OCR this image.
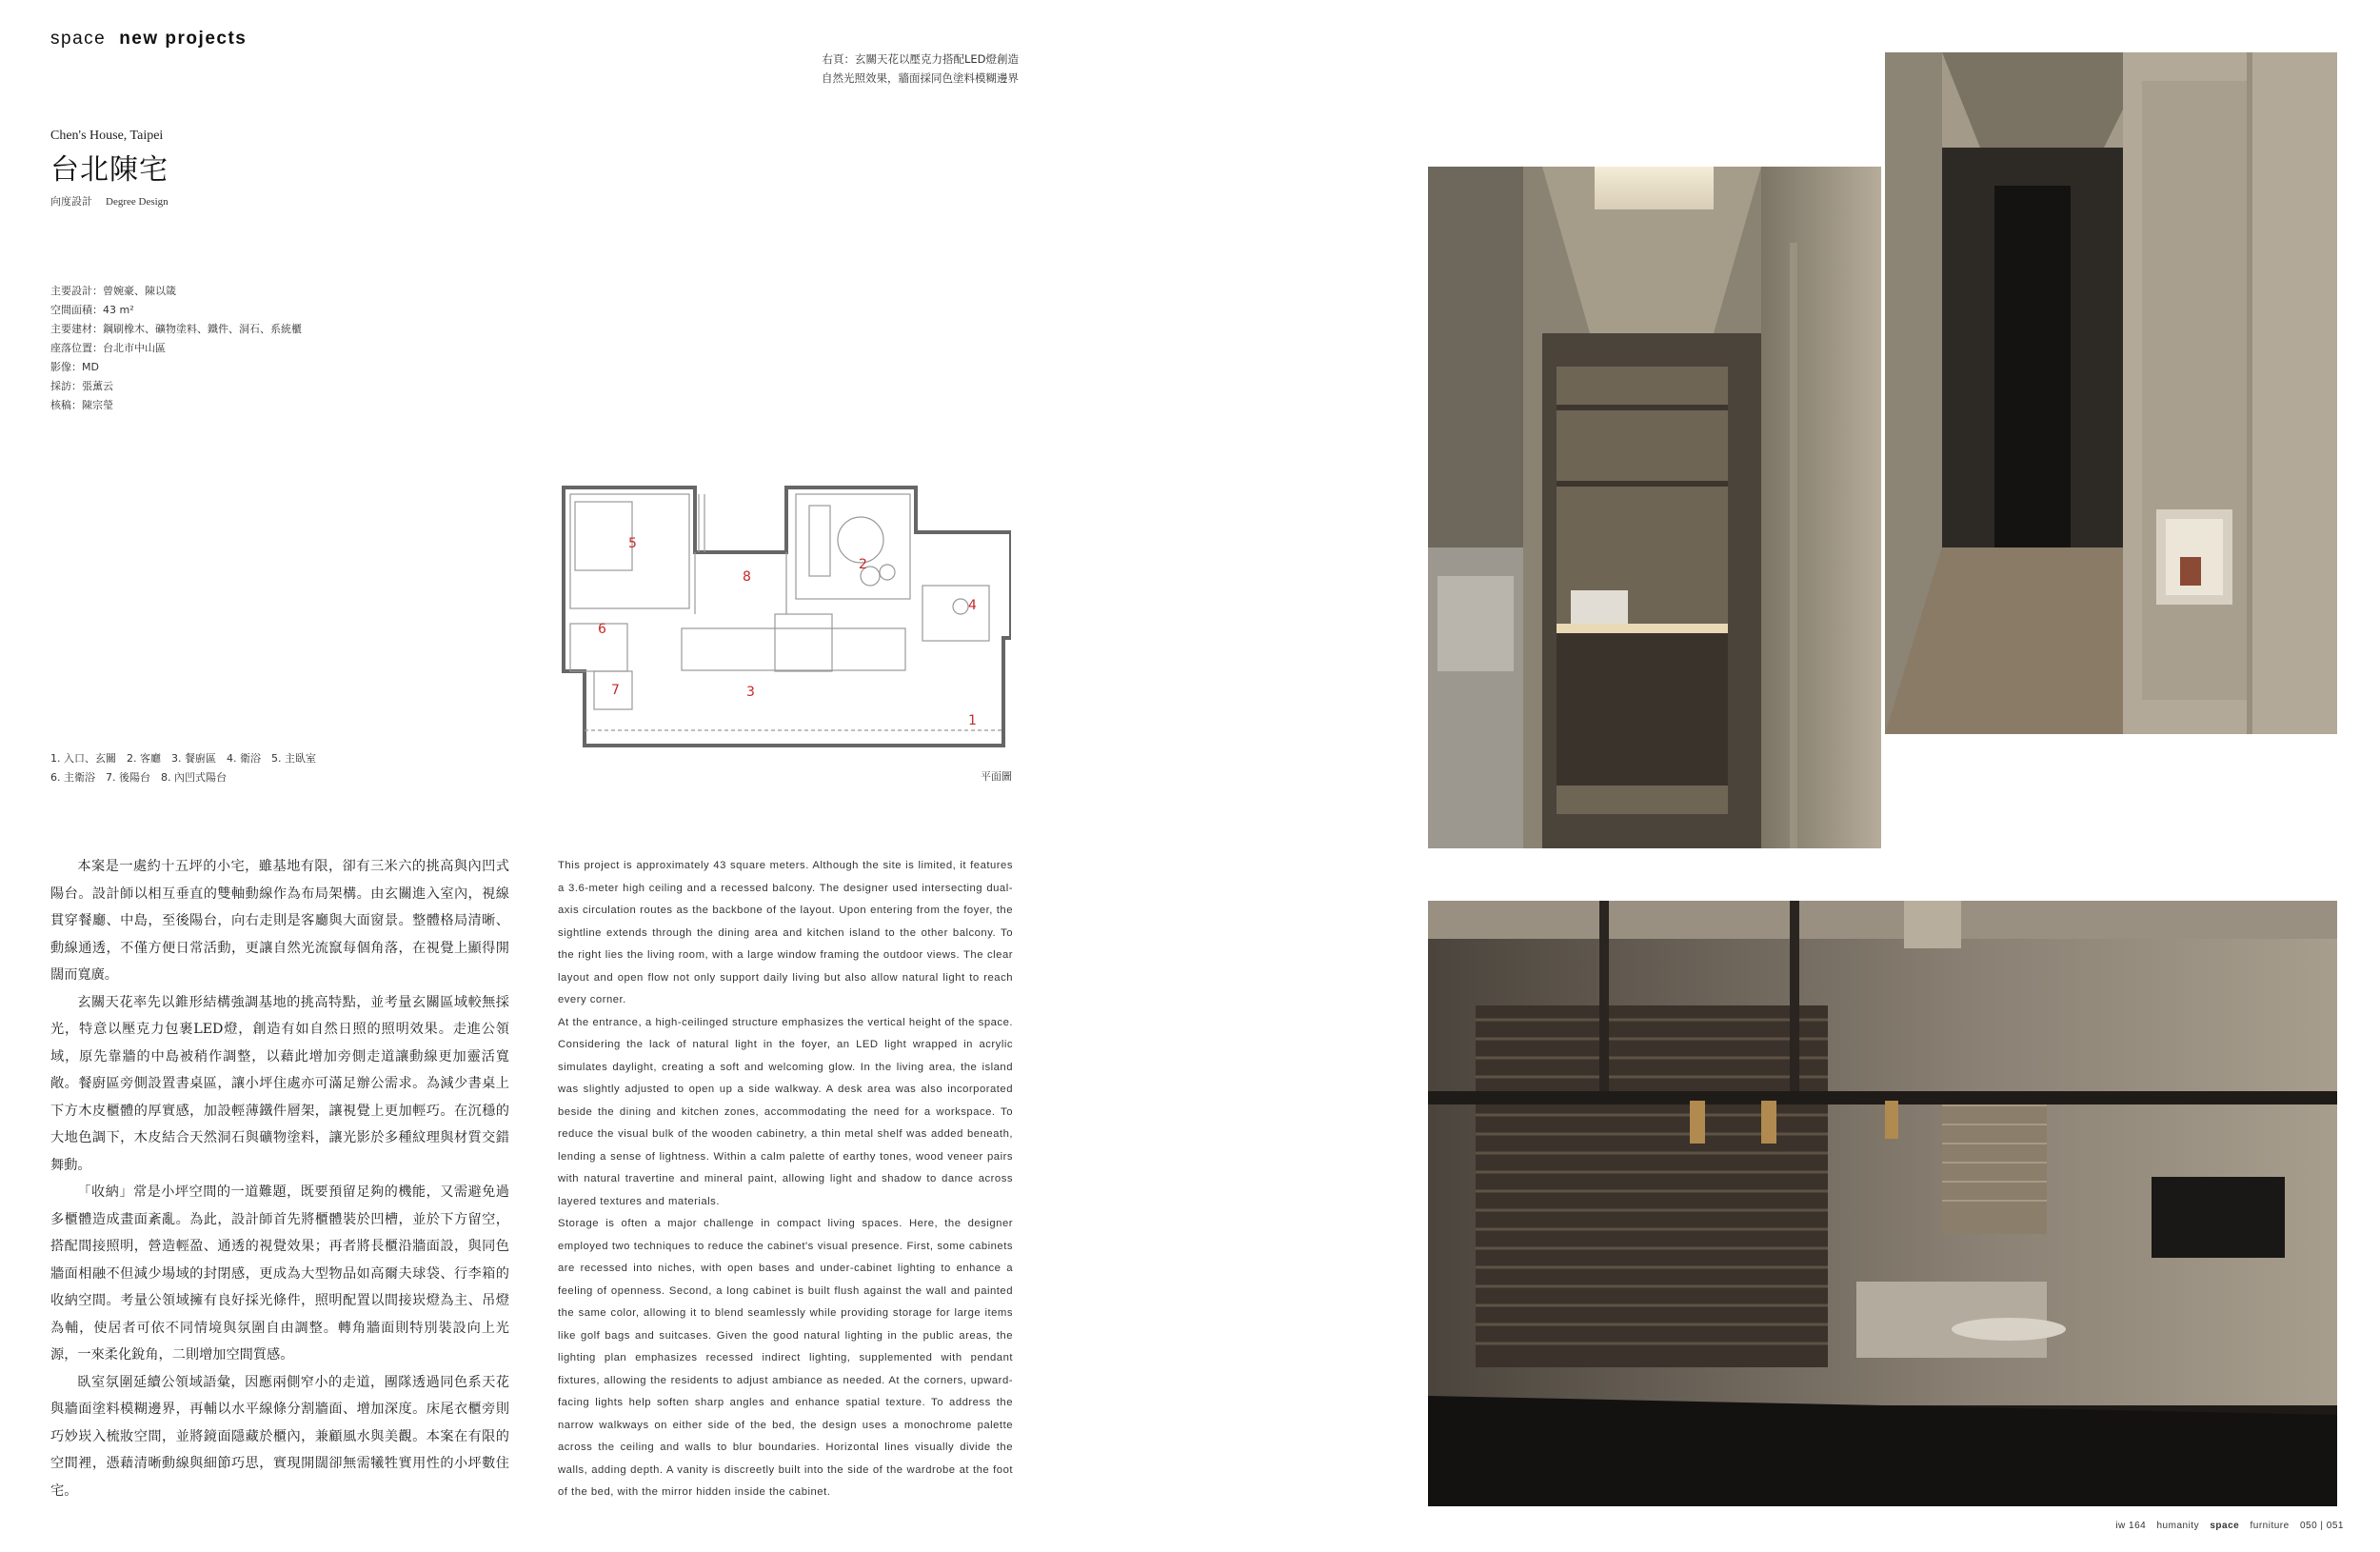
space new projects
右頁：玄關天花以壓克力搭配LED燈創造
自然光照效果，牆面採同色塗料模糊邊界
Chen's House, Taipei
台北陳宅
向度設計 Degree Design
主要設計：曾婉豪、陳以箴
空間面積：43 m²
主要建材：鋼刷橡木、礦物塗料、鐵件、洞石、系統櫃
座落位置：台北市中山區
影像：MD
採訪：張薰云
核稿：陳宗瑩
1
2
3
4
5
6
7
8
1. 入口、玄關　2. 客廳　3. 餐廚區　4. 衛浴　5. 主臥室
6. 主衛浴　7. 後陽台　8. 內凹式陽台	平面圖

本案是一處約十五坪的小宅，雖基地有限，卻有三米六的挑高與內凹式陽台。設計師以相互垂直的雙軸動線作為布局架構。由玄關進入室內，視線貫穿餐廳、中島，至後陽台，向右走則是客廳與大面窗景。整體格局清晰、動線通透，不僅方便日常活動，更讓自然光流竄每個角落，在視覺上顯得開闊而寬廣。

玄關天花率先以錐形結構強調基地的挑高特點，並考量玄關區域較無採光，特意以壓克力包裹LED燈，創造有如自然日照的照明效果。走進公領域，原先靠牆的中島被稍作調整，以藉此增加旁側走道讓動線更加靈活寬敞。餐廚區旁側設置書桌區，讓小坪住處亦可滿足辦公需求。為減少書桌上下方木皮櫃體的厚實感，加設輕薄鐵件層架，讓視覺上更加輕巧。在沉穩的大地色調下，木皮結合天然洞石與礦物塗料，讓光影於多種紋理與材質交錯舞動。

「收納」常是小坪空間的一道難題，既要預留足夠的機能，又需避免過多櫃體造成畫面紊亂。為此，設計師首先將櫃體裝於凹槽，並於下方留空，搭配間接照明，營造輕盈、通透的視覺效果；再者將長櫃沿牆面設，與同色牆面相融不但減少場域的封閉感，更成為大型物品如高爾夫球袋、行李箱的收納空間。考量公領域擁有良好採光條件，照明配置以間接崁燈為主、吊燈為輔，使居者可依不同情境與氛圍自由調整。轉角牆面則特別裝設向上光源，一來柔化銳角，二則增加空間質感。

臥室氛圍延續公領域語彙，因應兩側窄小的走道，團隊透過同色系天花與牆面塗料模糊邊界，再輔以水平線條分割牆面、增加深度。床尾衣櫃旁則巧妙崁入梳妝空間，並將鏡面隱藏於櫃內，兼顧風水與美觀。本案在有限的空間裡，憑藉清晰動線與細節巧思，實現開闊卻無需犧牲實用性的小坪數住宅。

This project is approximately 43 square meters. Although the site is limited, it features a 3.6-meter high ceiling and a recessed balcony. The designer used intersecting dual-axis circulation routes as the backbone of the layout. Upon entering from the foyer, the sightline extends through the dining area and kitchen island to the other balcony. To the right lies the living room, with a large window framing the outdoor views. The clear layout and open flow not only support daily living but also allow natural light to reach every corner.

At the entrance, a high-ceilinged structure emphasizes the vertical height of the space. Considering the lack of natural light in the foyer, an LED light wrapped in acrylic simulates daylight, creating a soft and welcoming glow. In the living area, the island was slightly adjusted to open up a side walkway. A desk area was also incorporated beside the dining and kitchen zones, accommodating the need for a workspace. To reduce the visual bulk of the wooden cabinetry, a thin metal shelf was added beneath, lending a sense of lightness. Within a calm palette of earthy tones, wood veneer pairs with natural travertine and mineral paint, allowing light and shadow to dance across layered textures and materials.

Storage is often a major challenge in compact living spaces. Here, the designer employed two techniques to reduce the cabinet's visual presence. First, some cabinets are recessed into niches, with open bases and under-cabinet lighting to enhance a feeling of openness. Second, a long cabinet is built flush against the wall and painted the same color, allowing it to blend seamlessly while providing storage for large items like golf bags and suitcases. Given the good natural lighting in the public areas, the lighting plan emphasizes recessed indirect lighting, supplemented with pendant fixtures, allowing the residents to adjust ambiance as needed. At the corners, upward-facing lights help soften sharp angles and enhance spatial texture. To address the narrow walkways on either side of the bed, the design uses a monochrome palette across the ceiling and walls to blur boundaries. Horizontal lines visually divide the walls, adding depth. A vanity is discreetly built into the side of the wardrobe at the foot of the bed, with the mirror hidden inside the cabinet.

iw 164 humanity space furniture 050 | 051
